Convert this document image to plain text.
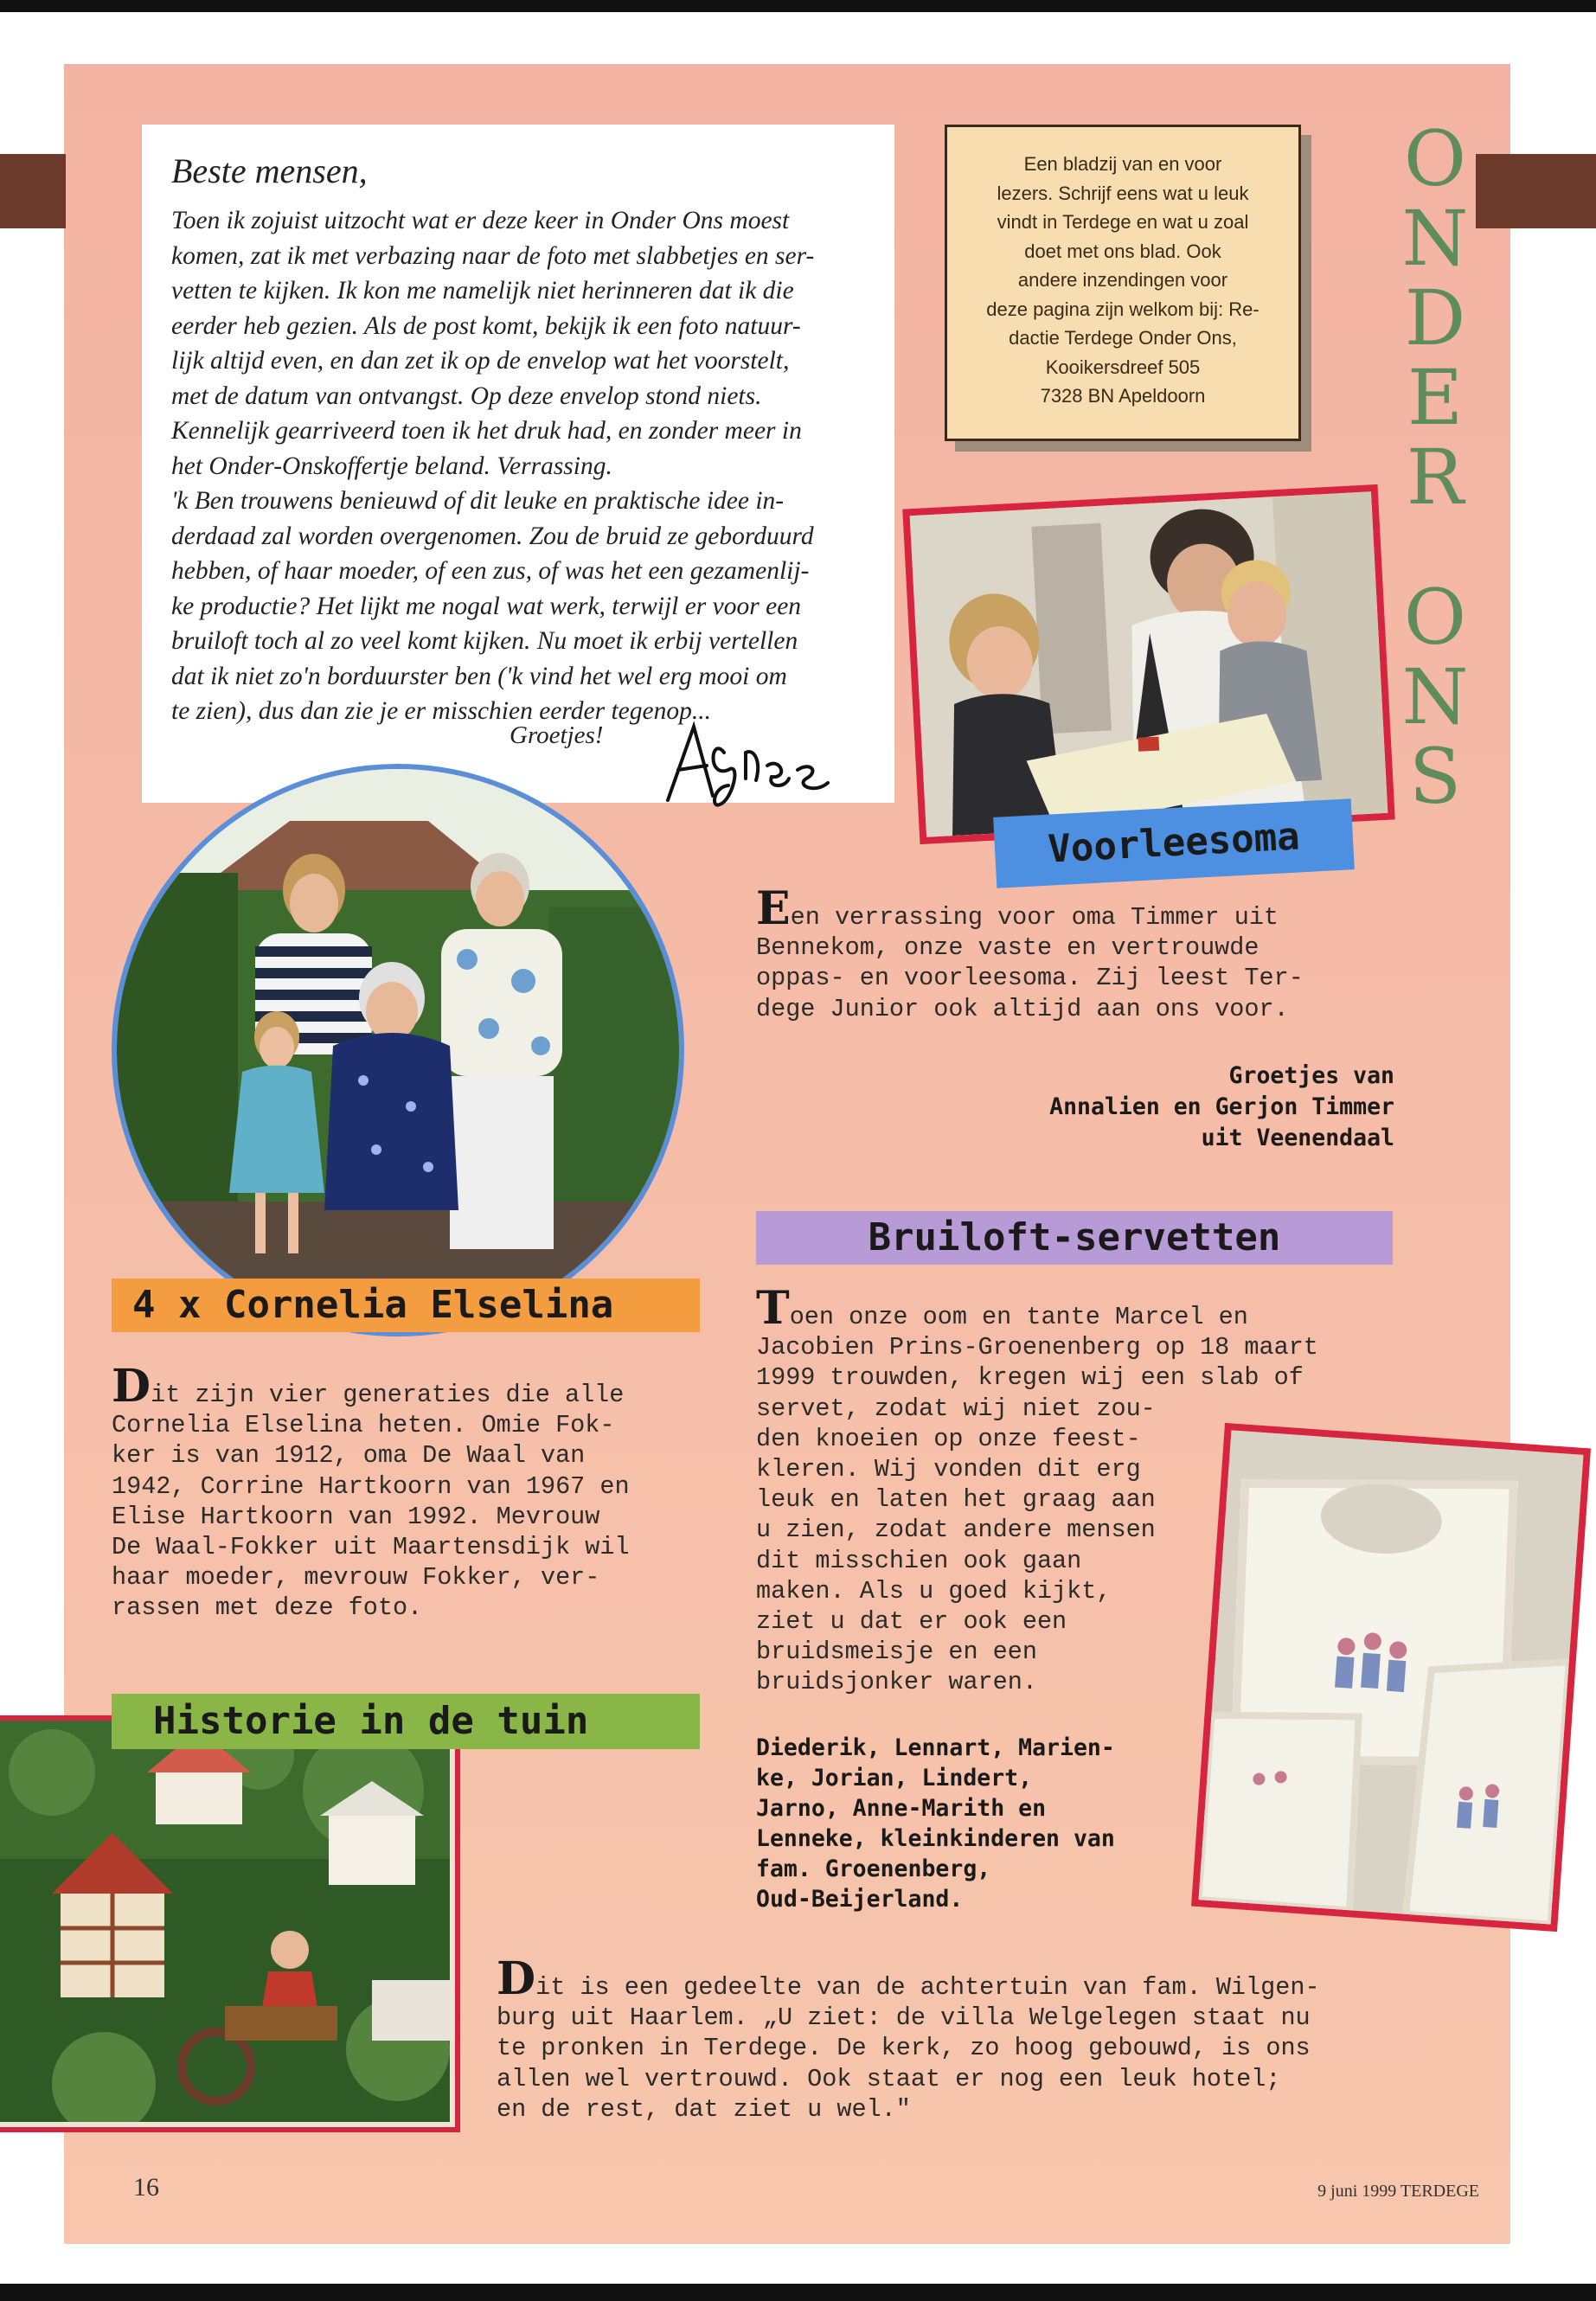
Beste mensen,

Toen ik zojuist uitzocht wat er deze keer in Onder Ons moest
komen, zat ik met verbazing naar de foto met slabbetjes en ser-
vetten te kijken. Ik kon me namelijk niet herinneren dat ik die
eerder heb gezien. Als de post komt, bekijk ik een foto natuur-
lijk altijd even, en dan zet ik op de envelop wat het voorstelt,
met de datum van ontvangst. Op deze envelop stond niets.
Kennelijk gearriveerd toen ik het druk had, en zonder meer in
het Onder-Onskoffertje beland. Verrassing.
'k Ben trouwens benieuwd of dit leuke en praktische idee in-
derdaad zal worden overgenomen. Zou de bruid ze geborduurd
hebben, of haar moeder, of een zus, of was het een gezamenlij-
ke productie? Het lijkt me nogal wat werk, terwijl er voor een
bruiloft toch al zo veel komt kijken. Nu moet ik erbij vertellen
dat ik niet zo'n borduurster ben ('k vind het wel erg mooi om
te zien), dus dan zie je er misschien eerder tegenop...

Groetjes!
Een bladzij van en voor
lezers. Schrijf eens wat u leuk
vindt in Terdege en wat u zoal
doet met ons blad. Ook
andere inzendingen voor
deze pagina zijn welkom bij: Re-
dactie Terdege Onder Ons,
Kooikersdreef 505
7328 BN Apeldoorn
O
N
D
E
R
O
N
S
Voorleesoma
4 x Cornelia Elselina
Bruiloft-servetten
Een verrassing voor oma Timmer uit
Bennekom, onze vaste en vertrouwde
oppas- en voorleesoma. Zij leest Ter-
dege Junior ook altijd aan ons voor.
Groetjes van
Annalien en Gerjon Timmer
uit Veenendaal
Dit zijn vier generaties die alle
Cornelia Elselina heten. Omie Fok-
ker is van 1912, oma De Waal van
1942, Corrine Hartkoorn van 1967 en
Elise Hartkoorn van 1992. Mevrouw
De Waal-Fokker uit Maartensdijk wil
haar moeder, mevrouw Fokker, ver-
rassen met deze foto.
Toen onze oom en tante Marcel en
Jacobien Prins-Groenenberg op 18 maart
1999 trouwden, kregen wij een slab of
servet, zodat wij niet zou-
den knoeien op onze feest-
kleren. Wij vonden dit erg
leuk en laten het graag aan
u zien, zodat andere mensen
dit misschien ook gaan
maken. Als u goed kijkt,
ziet u dat er ook een
bruidsmeisje en een
bruidsjonker waren.
Diederik, Lennart, Marien-
ke, Jorian, Lindert,
Jarno, Anne-Marith en
Lenneke, kleinkinderen van
fam. Groenenberg,
Oud-Beijerland.
Historie in de tuin
Dit is een gedeelte van de achtertuin van fam. Wilgen-
burg uit Haarlem. „U ziet: de villa Welgelegen staat nu
te pronken in Terdege. De kerk, zo hoog gebouwd, is ons
allen wel vertrouwd. Ook staat er nog een leuk hotel;
en de rest, dat ziet u wel."
16	9 juni 1999 TERDEGE
